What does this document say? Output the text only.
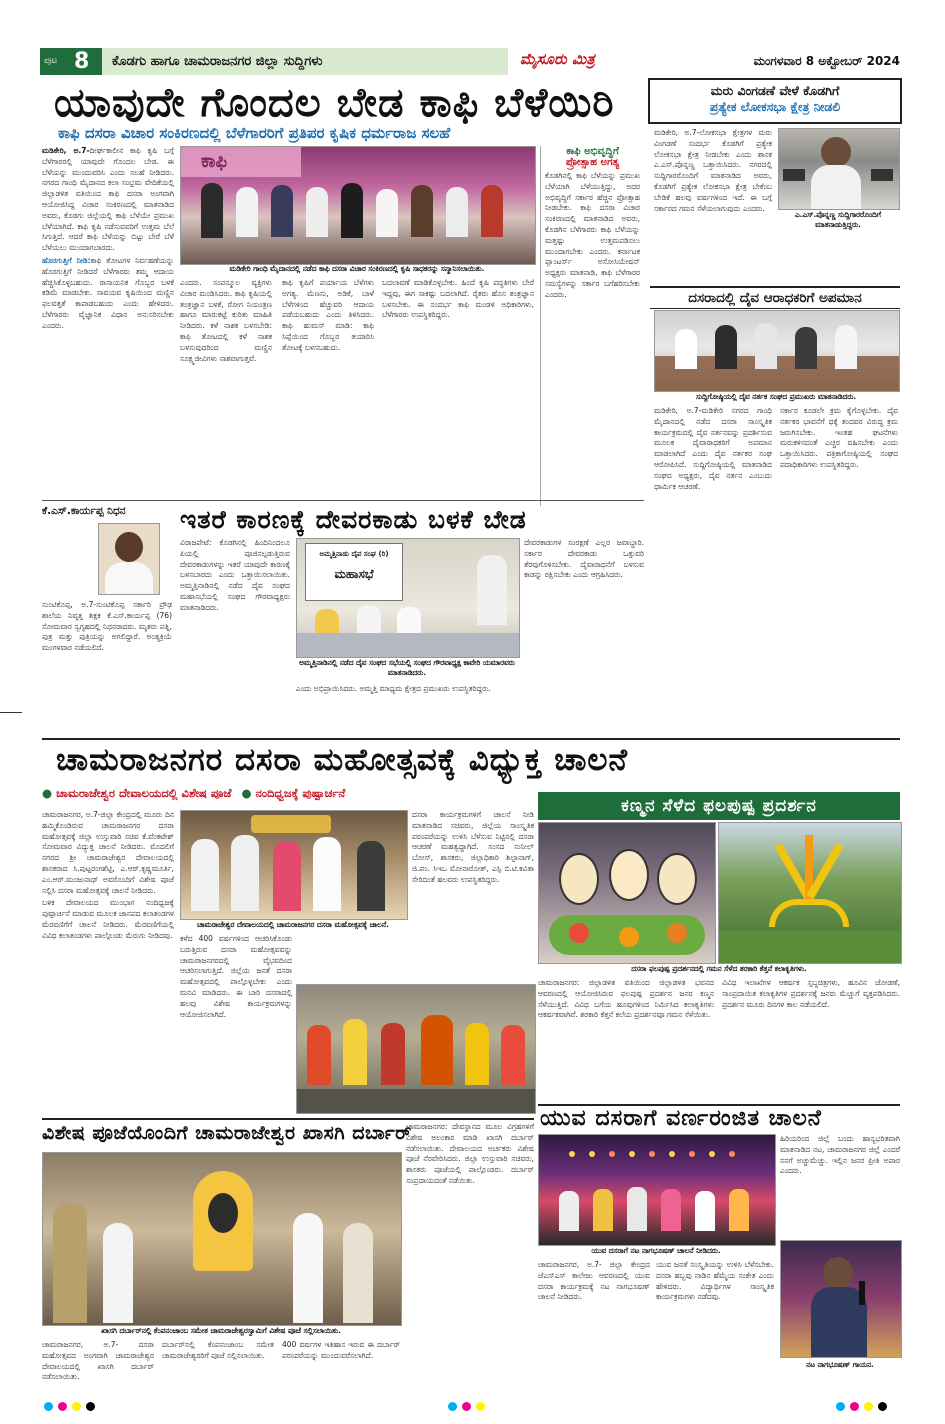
ಪುಟ 8	ಕೊಡಗು ಹಾಗೂ ಚಾಮರಾಜನಗರ ಜಿಲ್ಲಾ ಸುದ್ದಿಗಳು	ಮೈಸೂರು ಮಿತ್ರ	ಮಂಗಳವಾರ 8 ಅಕ್ಟೋಬರ್ 2024
ಯಾವುದೇ ಗೊಂದಲ ಬೇಡ ಕಾಫಿ ಬೆಳೆಯಿರಿ
ಕಾಫಿ ದಸರಾ ವಿಚಾರ ಸಂಕಿರಣದಲ್ಲಿ ಬೆಳೆಗಾರರಿಗೆ ಪ್ರತಿಪರ ಕೃಷಿಕ ಧರ್ಮರಾಜ ಸಲಹೆ

ಮಡಿಕೇರಿ, ಅ.7-ದೀರ್ಘಕಾಲೀನ ಕಾಫಿ ಕೃಷಿ ಬಗ್ಗೆ ಬೆಳೆಗಾರರಲ್ಲಿ ಯಾವುದೇ ಗೊಂದಲ ಬೇಡ. ಈ ಬೆಳೆಯನ್ನು ಮುಂದುವರಿಸಿ ಎಂದು ಸಲಹೆ ನೀಡಿದರು. ನಗರದ ಗಾಂಧಿ ಮೈದಾನದ ಕಲಾ ಸಂಭ್ರಮ ವೇದಿಕೆಯಲ್ಲಿ ಜಿಲ್ಲಾಡಳಿತ ವತಿಯಿಂದ ಕಾಫಿ ದಸರಾ ಅಂಗವಾಗಿ ಆಯೋಜಿಸಿದ್ದ ವಿಚಾರ ಸಂಕಿರಣದಲ್ಲಿ ಮಾತನಾಡಿದ ಅವರು, ಕೊಡಗು ಜಿಲ್ಲೆಯಲ್ಲಿ ಕಾಫಿ ಬೆಳೆಯೇ ಪ್ರಮುಖ ಬೆಳೆಯಾಗಿದೆ. ಕಾಫಿ ಕೃಷಿ ನಡೆಸುವವರಿಗೆ ಉತ್ತಮ ಬೆಲೆ ಸಿಗುತ್ತಿದೆ. ಆದರೆ ಕಾಫಿ ಬೆಳೆಯನ್ನು ಬಿಟ್ಟು ಬೇರೆ ಬೆಳೆ ಬೆಳೆಯಲು ಮುಂದಾಗಬಾರದು.

ಹೊರಗುತ್ತಿಗೆ ನೀಡಿ:ಕಾಫಿ ತೋಟಗಳ ನಿರ್ವಹಣೆಯನ್ನು ಹೊರಗುತ್ತಿಗೆ ನೀಡಿದರೆ ಬೆಳೆಗಾರರು ತಮ್ಮ ಆದಾಯ ಹೆಚ್ಚಿಸಿಕೊಳ್ಳಬಹುದು. ರಾಸಾಯನಿಕ ಗೊಬ್ಬರ ಬಳಕೆ ಕಡಿಮೆ ಮಾಡಬೇಕು. ಸಾವಯವ ಕೃಷಿಯಿಂದ ಮಣ್ಣಿನ ಫಲವತ್ತತೆ ಕಾಪಾಡಬಹುದು ಎಂದು ಹೇಳಿದರು. ಬೆಳೆಗಾರರು ವೈಜ್ಞಾನಿಕ ವಿಧಾನ ಅನುಸರಿಸಬೇಕು ಎಂದರು.

ಕಾಫಿ
ಮಡಿಕೇರಿ ಗಾಂಧಿ ಮೈದಾನದಲ್ಲಿ ನಡೆದ ಕಾಫಿ ದಸರಾ ವಿಚಾರ ಸಂಕಿರಣದಲ್ಲಿ ಕೃಷಿ ಸಾಧಕರನ್ನು ಸನ್ಮಾನಿಸಲಾಯಿತು.

ಎಂದರು. ಸಂಪನ್ಮೂಲ ವ್ಯಕ್ತಿಗಳು ವಿಚಾರ ಮಂಡಿಸಿದರು. ಕಾಫಿ ಕೃಷಿಯಲ್ಲಿ ತಂತ್ರಜ್ಞಾನ ಬಳಕೆ, ರೋಗ ನಿಯಂತ್ರಣ ಹಾಗೂ ಮಾರುಕಟ್ಟೆ ಕುರಿತು ಮಾಹಿತಿ ನೀಡಿದರು. ಕಳೆ ನಾಶಕ ಬಳಸಬೇಡಿ: ಕಾಫಿ ತೋಟದಲ್ಲಿ ಕಳೆ ನಾಶಕ ಬಳಸುವುದರಿಂದ ಮಣ್ಣಿನ ಸೂಕ್ಷ್ಮಜೀವಿಗಳು ನಾಶವಾಗುತ್ತವೆ.

ಕಾಫಿ ಕೃಷಿಗೆ ಪರ್ಯಾಯ ಬೆಳೆಗಳು ಅಗತ್ಯ. ಮೆಣಸು, ಅಡಿಕೆ, ಬಾಳೆ ಬೆಳೆಗಳಿಂದ ಹೆಚ್ಚುವರಿ ಆದಾಯ ಪಡೆಯಬಹುದು ಎಂದು ತಿಳಿಸಿದರು. ಕಾಫಿ ಹುಮಸ್ ಮಾಡಿ: ಕಾಫಿ ಸಿಪ್ಪೆಯಿಂದ ಗೊಬ್ಬರ ತಯಾರಿಸಿ ತೋಟಕ್ಕೆ ಬಳಸಬಹುದು.

ಬದಲಾವಣೆ ಮಾಡಿಕೊಳ್ಳಬೇಕು. ಹಿಂದೆ ಕೃಷಿ ಪದ್ಧತಿಗಳು ಬೇರೆ ಇದ್ದವು, ಈಗ ಸಾಕಷ್ಟು ಬದಲಾಗಿದೆ. ರೈತರು ಹೊಸ ತಂತ್ರಜ್ಞಾನ ಬಳಸಬೇಕು. ಈ ಸಂದರ್ಭ ಕಾಫಿ ಮಂಡಳಿ ಅಧಿಕಾರಿಗಳು, ಬೆಳೆಗಾರರು ಉಪಸ್ಥಿತರಿದ್ದರು.

ಕಾಫಿ ಅಭಿವೃದ್ಧಿಗೆ
ಪ್ರೋತ್ಸಾಹ ಅಗತ್ಯ

ಕೊಡಗಿನಲ್ಲಿ ಕಾಫಿ ಬೆಳೆಯನ್ನು ಪ್ರಮುಖ ಬೆಳೆಯಾಗಿ ಬೆಳೆಯುತ್ತಿದ್ದು, ಅದರ ಅಭಿವೃದ್ಧಿಗೆ ಸರ್ಕಾರ ಹೆಚ್ಚಿನ ಪ್ರೋತ್ಸಾಹ ನೀಡಬೇಕು. ಕಾಫಿ ದಸರಾ ವಿಚಾರ ಸಂಕಿರಣದಲ್ಲಿ ಮಾತನಾಡಿದ ಅವರು, ಕೊಡಗಿನ ಬೆಳೆಗಾರರು ಕಾಫಿ ಬೆಳೆಯನ್ನು ಮತ್ತಷ್ಟು ಉತ್ತಮಪಡಿಸಲು ಮುಂದಾಗಬೇಕು ಎಂದರು. ಕರ್ನಾಟಕ ಪ್ಲಾಂಟರ್ಸ್ ಅಸೋಸಿಯೇಷನ್ ಅಧ್ಯಕ್ಷರು ಮಾತನಾಡಿ, ಕಾಫಿ ಬೆಳೆಗಾರರ ಸಮಸ್ಯೆಗಳನ್ನು ಸರ್ಕಾರ ಬಗೆಹರಿಸಬೇಕು ಎಂದರು.

ಮರು ವಿಂಗಡಣೆ ವೇಳೆ ಕೊಡಗಿಗೆ
ಪ್ರತ್ಯೇಕ ಲೋಕಸಭಾ ಕ್ಷೇತ್ರ ನೀಡಲಿ

ಮಡಿಕೇರಿ, ಅ.7-ಲೋಕಸಭಾ ಕ್ಷೇತ್ರಗಳ ಮರು ವಿಂಗಡಣೆ ಸಂದರ್ಭ ಕೊಡಗಿಗೆ ಪ್ರತ್ಯೇಕ ಲೋಕಸಭಾ ಕ್ಷೇತ್ರ ನೀಡಬೇಕು ಎಂದು ಶಾಸಕ ಎ.ಎಸ್.ಪೊನ್ನಣ್ಣ ಒತ್ತಾಯಿಸಿದರು. ನಗರದಲ್ಲಿ ಸುದ್ದಿಗಾರರೊಂದಿಗೆ ಮಾತನಾಡಿದ ಅವರು, ಕೊಡಗಿಗೆ ಪ್ರತ್ಯೇಕ ಲೋಕಸಭಾ ಕ್ಷೇತ್ರ ಬೇಕೆಂಬ ಬೇಡಿಕೆ ಹಲವು ವರ್ಷಗಳಿಂದ ಇದೆ. ಈ ಬಗ್ಗೆ ಸರ್ಕಾರದ ಗಮನ ಸೆಳೆಯಲಾಗುವುದು ಎಂದರು.

ಎ.ಎಸ್.ಪೊನ್ನಣ್ಣ ಸುದ್ದಿಗಾರರೊಂದಿಗೆ ಮಾತನಾಡುತ್ತಿದ್ದರು.
ದಸರಾದಲ್ಲಿ ದೈವ ಆರಾಧಕರಿಗೆ ಅಪಮಾನ
ಸುದ್ದಿಗೋಷ್ಠಿಯಲ್ಲಿ ದೈವ ನರ್ತಕ ಸಂಘದ ಪ್ರಮುಖರು ಮಾತನಾಡಿದರು.

ಮಡಿಕೇರಿ, ಅ.7-ಮಡಿಕೇರಿ ನಗರದ ಗಾಂಧಿ ಮೈದಾನದಲ್ಲಿ ನಡೆದ ದಸರಾ ಸಾಂಸ್ಕೃತಿಕ ಕಾರ್ಯಕ್ರಮದಲ್ಲಿ ದೈವ ನರ್ತನವನ್ನು ಪ್ರದರ್ಶಿಸುವ ಮೂಲಕ ದೈವಾರಾಧಕರಿಗೆ ಅಪಮಾನ ಮಾಡಲಾಗಿದೆ ಎಂದು ದೈವ ನರ್ತಕರ ಸಂಘ ಆರೋಪಿಸಿದೆ. ಸುದ್ದಿಗೋಷ್ಠಿಯಲ್ಲಿ ಮಾತನಾಡಿದ ಸಂಘದ ಅಧ್ಯಕ್ಷರು, ದೈವ ನರ್ತನ ಎಂಬುದು ಧಾರ್ಮಿಕ ಆಚರಣೆ.

ಸರ್ಕಾರ ಕೂಡಲೇ ಕ್ರಮ ಕೈಗೊಳ್ಳಬೇಕು. ದೈವ ನರ್ತಕರ ಭಾವನೆಗೆ ಧಕ್ಕೆ ತಂದವರ ವಿರುದ್ಧ ಕ್ರಮ ಜರುಗಿಸಬೇಕು. ಇಂತಹ ಘಟನೆಗಳು ಮರುಕಳಿಸದಂತೆ ಎಚ್ಚರ ವಹಿಸಬೇಕು ಎಂದು ಒತ್ತಾಯಿಸಿದರು. ಪತ್ರಿಕಾಗೋಷ್ಠಿಯಲ್ಲಿ ಸಂಘದ ಪದಾಧಿಕಾರಿಗಳು ಉಪಸ್ಥಿತರಿದ್ದರು.

ಕೆ.ಎಸ್.ಕಾರ್ಯಪ್ಪ ನಿಧನ

ಸುಂಟಿಕೊಪ್ಪ, ಅ.7-ಸುಂಟಿಕೊಪ್ಪ ಸರ್ಕಾರಿ ಪ್ರೌಢ ಶಾಲೆಯ ನಿವೃತ್ತ ಶಿಕ್ಷಕ ಕೆ.ಎಸ್.ಕಾರ್ಯಪ್ಪ (76) ಸೋಮವಾರ ಸ್ವಗೃಹದಲ್ಲಿ ನಿಧನರಾದರು. ಮೃತರು ಪತ್ನಿ, ಪುತ್ರ ಮತ್ತು ಪುತ್ರಿಯನ್ನು ಅಗಲಿದ್ದಾರೆ. ಅಂತ್ಯಕ್ರಿಯೆ ಮಂಗಳವಾರ ನಡೆಯಲಿದೆ.

ಇತರೆ ಕಾರಣಕ್ಕೆ ದೇವರಕಾಡು ಬಳಕೆ ಬೇಡ

ವಿರಾಜಪೇಟೆ: ಕೊಡಗಿನಲ್ಲಿ ಹಿಂದಿನಿಂದಲೂ ಪಿಯಲ್ಲಿ ಪೂಜಿಸಲ್ಪಡುತ್ತಿರುವ ದೇವರಕಾಡುಗಳನ್ನು ಇತರೆ ಯಾವುದೇ ಕಾರಣಕ್ಕೆ ಬಳಸಬಾರದು ಎಂದು ಒತ್ತಾಯಿಸಲಾಯಿತು. ಅಮ್ಮತ್ತಿನಾಡಿನಲ್ಲಿ ನಡೆದ ದೈವ ಸಂಘದ ಮಹಾಸಭೆಯಲ್ಲಿ ಸಂಘದ ಗೌರವಾಧ್ಯಕ್ಷರು ಮಾತನಾಡಿದರು.

ಅಮ್ಮತ್ತಿನಾಡು ದೈವ ಸಂಘ (ರಿ)
ಮಹಾಸಭೆ
ಅಮ್ಮತ್ತಿನಾಡಿನಲ್ಲಿ ನಡೆದ ದೈವ ಸಂಘದ ಸಭೆಯಲ್ಲಿ ಸಂಘದ ಗೌರವಾಧ್ಯಕ್ಷ ಕಾವೇರಿ ಯಮಾರವರು ಮಾತನಾಡಿದರು.

ಎಂದು ಅಭಿಪ್ರಾಯಿಸಿದರು. ಅಮ್ಮತ್ತಿ ಮಾಧ್ಯಮ ಕ್ಷೇತ್ರದ ಪ್ರಮುಖರು ಉಪಸ್ಥಿತರಿದ್ದರು.

ದೇವರಕಾಡುಗಳ ಸಂರಕ್ಷಣೆ ಎಲ್ಲರ ಜವಾಬ್ದಾರಿ. ಸರ್ಕಾರ ದೇವರಕಾಡು ಒತ್ತುವರಿ ತೆರವುಗೊಳಿಸಬೇಕು. ದೈವಾರಾಧನೆಗೆ ಬಳಸುವ ಕಾಡನ್ನು ರಕ್ಷಿಸಬೇಕು ಎಂದು ಆಗ್ರಹಿಸಿದರು.

ಚಾಮರಾಜನಗರ ದಸರಾ ಮಹೋತ್ಸವಕ್ಕೆ ವಿಧ್ಯುಕ್ತ ಚಾಲನೆ
● ಚಾಮರಾಜೇಶ್ವರ ದೇವಾಲಯದಲ್ಲಿ ವಿಶೇಷ ಪೂಜೆ ● ನಂದಿಧ್ವಜಕ್ಕೆ ಪುಷ್ಪಾರ್ಚನೆ

ಚಾಮರಾಜನಗರ, ಅ.7-ಜಿಲ್ಲಾ ಕೇಂದ್ರದಲ್ಲಿ ಮೂರು ದಿನ ಹಮ್ಮಿಕೊಂಡಿರುವ ಚಾಮರಾಜನಗರ ದಸರಾ ಮಹೋತ್ಸವಕ್ಕೆ ಜಿಲ್ಲಾ ಉಸ್ತುವಾರಿ ಸಚಿವ ಕೆ.ವೆಂಕಟೇಶ್ ಸೋಮವಾರ ವಿದ್ಯುಕ್ತ ಚಾಲನೆ ನೀಡಿದರು. ಮೊದಲಿಗೆ ನಗರದ ಶ್ರೀ ಚಾಮರಾಜೇಶ್ವರ ದೇವಾಲಯದಲ್ಲಿ ಶಾಸಕರಾದ ಸಿ.ಪುಟ್ಟರಂಗಶೆಟ್ಟಿ, ಎ.ಆರ್.ಕೃಷ್ಣಮೂರ್ತಿ, ಎಂ.ಆರ್.ಮಂಜುನಾಥ್ ಅವರೊಂದಿಗೆ ವಿಶೇಷ ಪೂಜೆ ಸಲ್ಲಿಸಿ ದಸರಾ ಮಹೋತ್ಸವಕ್ಕೆ ಚಾಲನೆ ನೀಡಿದರು.

ಬಳಿಕ ದೇವಾಲಯದ ಮುಂಭಾಗ ನಂದಿಧ್ವಜಕ್ಕೆ ಪುಷ್ಪಾರ್ಚನೆ ಮಾಡುವ ಮೂಲಕ ಜಾನಪದ ಕಲಾತಂಡಗಳ ಮೆರವಣಿಗೆಗೆ ಚಾಲನೆ ನೀಡಿದರು. ಮೆರವಣಿಗೆಯಲ್ಲಿ ವಿವಿಧ ಕಲಾತಂಡಗಳು ಪಾಲ್ಗೊಂಡು ಮೆರುಗು ನೀಡಿದವು.

ಚಾಮರಾಜೇಶ್ವರ ದೇವಾಲಯದಲ್ಲಿ ಚಾಮರಾಜನಗರ ದಸರಾ ಮಹೋತ್ಸವಕ್ಕೆ ಚಾಲನೆ.

ಕಳೆದ 400 ವರ್ಷಗಳಿಂದ ಆಚರಿಸಿಕೊಂಡು ಬರುತ್ತಿರುವ ದಸರಾ ಮಹೋತ್ಸವವನ್ನು ಚಾಮರಾಜನಗರದಲ್ಲಿ ವೈಭವದಿಂದ ಆಚರಿಸಲಾಗುತ್ತಿದೆ. ಜಿಲ್ಲೆಯ ಜನತೆ ದಸರಾ ಮಹೋತ್ಸವದಲ್ಲಿ ಪಾಲ್ಗೊಳ್ಳಬೇಕು ಎಂದು ಮನವಿ ಮಾಡಿದರು. ಈ ಬಾರಿ ದಸರಾದಲ್ಲಿ ಹಲವು ವಿಶೇಷ ಕಾರ್ಯಕ್ರಮಗಳನ್ನು ಆಯೋಜಿಸಲಾಗಿದೆ.

ದಸರಾ ಕಾರ್ಯಕ್ರಮಗಳಿಗೆ ಚಾಲನೆ ನೀಡಿ ಮಾತನಾಡಿದ ಸಚಿವರು, ಜಿಲ್ಲೆಯ ಸಾಂಸ್ಕೃತಿಕ ಪರಂಪರೆಯನ್ನು ಉಳಿಸಿ ಬೆಳೆಸುವ ನಿಟ್ಟಿನಲ್ಲಿ ದಸರಾ ಆಚರಣೆ ಮಹತ್ವದ್ದಾಗಿದೆ. ಸಂಸದ ಸುನೀಲ್ ಬೋಸ್, ಶಾಸಕರು, ಜಿಲ್ಲಾಧಿಕಾರಿ ಶಿಲ್ಪಾನಾಗ್, ಜಿ.ಪಂ. ಸಿಇಒ ಮೋನಾರೋತ್, ಎಸ್ಪಿ ಬಿ.ಟಿ.ಕವಿತಾ ಸೇರಿದಂತೆ ಹಲವರು ಉಪಸ್ಥಿತರಿದ್ದರು.

ಕಣ್ಮನ ಸೆಳೆದ ಫಲಪುಷ್ಪ ಪ್ರದರ್ಶನ
ದಸರಾ ಫಲಪುಷ್ಪ ಪ್ರದರ್ಶನದಲ್ಲಿ ಗಮನ ಸೆಳೆದ ತರಕಾರಿ ಕೆತ್ತನೆ ಕಲಾಕೃತಿಗಳು.

ಚಾಮರಾಜನಗರ: ಜಿಲ್ಲಾಡಳಿತ ವತಿಯಿಂದ ಜಿಲ್ಲಾಡಳಿತ ಭವನದ ಆವರಣದಲ್ಲಿ ಆಯೋಜಿಸಿರುವ ಫಲಪುಷ್ಪ ಪ್ರದರ್ಶನ ಜನರ ಕಣ್ಮನ ಸೆಳೆಯುತ್ತಿದೆ. ವಿವಿಧ ಬಗೆಯ ಹೂವುಗಳಿಂದ ನಿರ್ಮಿಸಿದ ಕಲಾಕೃತಿಗಳು ಆಕರ್ಷಕವಾಗಿವೆ. ತರಕಾರಿ ಕೆತ್ತನೆ ಕಲೆಯ ಪ್ರದರ್ಶನವೂ ಗಮನ ಸೆಳೆಯಿತು.

ವಿವಿಧ ಇಲಾಖೆಗಳ ಆಕರ್ಷಕ ಸ್ತಬ್ಧಚಿತ್ರಗಳು, ಹೂವಿನ ಜೋಡಣೆ, ಸಾಂಪ್ರದಾಯಿಕ ಕಲಾಕೃತಿಗಳ ಪ್ರದರ್ಶನಕ್ಕೆ ಜನರು ಮೆಚ್ಚುಗೆ ವ್ಯಕ್ತಪಡಿಸಿದರು. ಪ್ರದರ್ಶನ ಮೂರು ದಿನಗಳ ಕಾಲ ನಡೆಯಲಿದೆ.

ವಿಶೇಷ ಪೂಜೆಯೊಂದಿಗೆ ಚಾಮರಾಜೇಶ್ವರ ಖಾಸಗಿ ದರ್ಬಾರ್
ಖಾಸಗಿ ದರ್ಬಾರ್‌ನಲ್ಲಿ ಕೆಂಪನಂಜಾಂಬ ಸಮೇತ ಚಾಮರಾಜೇಶ್ವರಸ್ವಾಮಿಗೆ ವಿಶೇಷ ಪೂಜೆ ಸಲ್ಲಿಸಲಾಯಿತು.

ಚಾಮರಾಜನಗರ: ದೇವಸ್ಥಾನದ ಮೂಲ ವಿಗ್ರಹಗಳಿಗೆ ವಿಶೇಷ ಅಲಂಕಾರ ಮಾಡಿ ಖಾಸಗಿ ದರ್ಬಾರ್ ನಡೆಸಲಾಯಿತು. ದೇವಾಲಯದ ಅರ್ಚಕರು ವಿಶೇಷ ಪೂಜೆ ನೆರವೇರಿಸಿದರು. ಜಿಲ್ಲಾ ಉಸ್ತುವಾರಿ ಸಚಿವರು, ಶಾಸಕರು ಪೂಜೆಯಲ್ಲಿ ಪಾಲ್ಗೊಂಡರು. ದರ್ಬಾರ್ ಸಂಪ್ರದಾಯದಂತೆ ನಡೆಯಿತು.

ಚಾಮರಾಜನಗರ, ಅ.7- ದಸರಾ ಮಹೋತ್ಸವದ ಅಂಗವಾಗಿ ಚಾಮರಾಜೇಶ್ವರ ದೇವಾಲಯದಲ್ಲಿ ಖಾಸಗಿ ದರ್ಬಾರ್ ನಡೆಸಲಾಯಿತು.

ದರ್ಬಾರ್‌ನಲ್ಲಿ ಕೆಂಪನಂಜಾಂಬ ಸಮೇತ ಚಾಮರಾಜೇಶ್ವರರಿಗೆ ಪೂಜೆ ಸಲ್ಲಿಸಲಾಯಿತು.

400 ವರ್ಷಗಳ ಇತಿಹಾಸ ಇರುವ ಈ ದರ್ಬಾರ್ ಪರಂಪರೆಯನ್ನು ಮುಂದುವರೆಸಲಾಗಿದೆ.

ಯುವ ದಸರಾಗೆ ವರ್ಣರಂಜಿತ ಚಾಲನೆ
ಯುವ ದಸರಾಗೆ ನಟ ನಾಗಭೂಷಣ್ ಚಾಲನೆ ನೀಡಿದರು.

ಹಿರಿಯರಿಂದ ಜಿಲ್ಲೆ ಬಂದು ಹಾಸ್ಯಭರಿತವಾಗಿ ಮಾತನಾಡಿದ ನಟ, ಚಾಮರಾಜನಗರ ಜಿಲ್ಲೆ ಎಂದರೆ ನನಗೆ ಅಚ್ಚುಮೆಚ್ಚು. ಇಲ್ಲಿನ ಜನರ ಪ್ರೀತಿ ಅಪಾರ ಎಂದರು.

ಚಾಮರಾಜನಗರ, ಅ.7- ಜಿಲ್ಲಾ ಕೇಂದ್ರದ ಜೆಎಸ್‌ಎಸ್ ಕಾಲೇಜು ಆವರಣದಲ್ಲಿ ಯುವ ದಸರಾ ಕಾರ್ಯಕ್ರಮಕ್ಕೆ ನಟ ನಾಗಭೂಷಣ್ ಚಾಲನೆ ನೀಡಿದರು.

ಯುವ ಜನತೆ ಸಂಸ್ಕೃತಿಯನ್ನು ಉಳಿಸಿ ಬೆಳೆಸಬೇಕು. ದಸರಾ ಹಬ್ಬವು ನಾಡಿನ ಹೆಮ್ಮೆಯ ಸಂಕೇತ ಎಂದು ಹೇಳಿದರು. ವಿದ್ಯಾರ್ಥಿಗಳ ಸಾಂಸ್ಕೃತಿಕ ಕಾರ್ಯಕ್ರಮಗಳು ನಡೆದವು.

ನಟ ನಾಗಭೂಷಣ್ ಗಾಯನ.
